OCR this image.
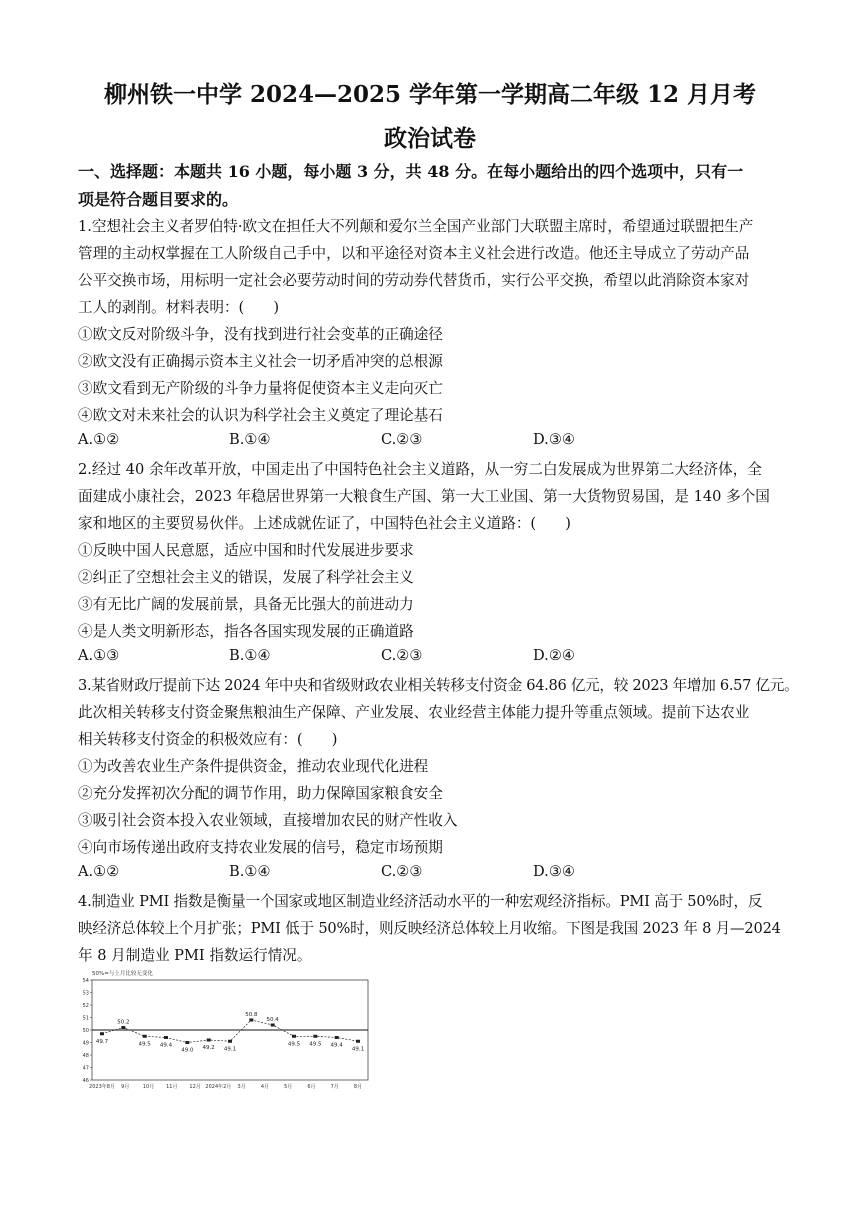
柳州铁一中学 2024—2025 学年第一学期高二年级 12 月月考
政治试卷
一、选择题：本题共 16 小题，每小题 3 分，共 48 分。在每小题给出的四个选项中，只有一
项是符合题目要求的。
1.空想社会主义者罗伯特·欧文在担任大不列颠和爱尔兰全国产业部门大联盟主席时，希望通过联盟把生产
管理的主动权掌握在工人阶级自己手中，以和平途径对资本主义社会进行改造。他还主导成立了劳动产品
公平交换市场，用标明一定社会必要劳动时间的劳动券代替货币，实行公平交换，希望以此消除资本家对
工人的剥削。材料表明：(　　)
①欧文反对阶级斗争，没有找到进行社会变革的正确途径
②欧文没有正确揭示资本主义社会一切矛盾冲突的总根源
③欧文看到无产阶级的斗争力量将促使资本主义走向灭亡
④欧文对未来社会的认识为科学社会主义奠定了理论基石
A.①②	B.①④	C.②③	D.③④
2.经过 40 余年改革开放，中国走出了中国特色社会主义道路，从一穷二白发展成为世界第二大经济体，全
面建成小康社会，2023 年稳居世界第一大粮食生产国、第一大工业国、第一大货物贸易国，是 140 多个国
家和地区的主要贸易伙伴。上述成就佐证了，中国特色社会主义道路：(　　)
①反映中国人民意愿，适应中国和时代发展进步要求
②纠正了空想社会主义的错误，发展了科学社会主义
③有无比广阔的发展前景，具备无比强大的前进动力
④是人类文明新形态，指各各国实现发展的正确道路
A.①③	B.①④	C.②③	D.②④
3.某省财政厅提前下达 2024 年中央和省级财政农业相关转移支付资金 64.86 亿元，较 2023 年增加 6.57 亿元。
此次相关转移支付资金聚焦粮油生产保障、产业发展、农业经营主体能力提升等重点领域。提前下达农业
相关转移支付资金的积极效应有：(　　)
①为改善农业生产条件提供资金，推动农业现代化进程
②充分发挥初次分配的调节作用，助力保障国家粮食安全
③吸引社会资本投入农业领域，直接增加农民的财产性收入
④向市场传递出政府支持农业发展的信号，稳定市场预期
A.①②	B.①④	C.②③	D.③④
4.制造业 PMI 指数是衡量一个国家或地区制造业经济活动水平的一种宏观经济指标。PMI 高于 50%时，反
映经济总体较上个月扩张；PMI 低于 50%时，则反映经济总体较上月收缩。下图是我国 2023 年 8 月—2024
年 8 月制造业 PMI 指数运行情况。
50%=与上月比较无变化
46
47
48
49
50
51
52
53
54
49.7
50.2
49.5 49.4
49.0 49.2 49.1
50.8
50.4
49.5 49.5 49.4
49.1
2023年8月 9月	10月 11月 12月 2024年2月 3月	4月	5月	6月	7月	8月
